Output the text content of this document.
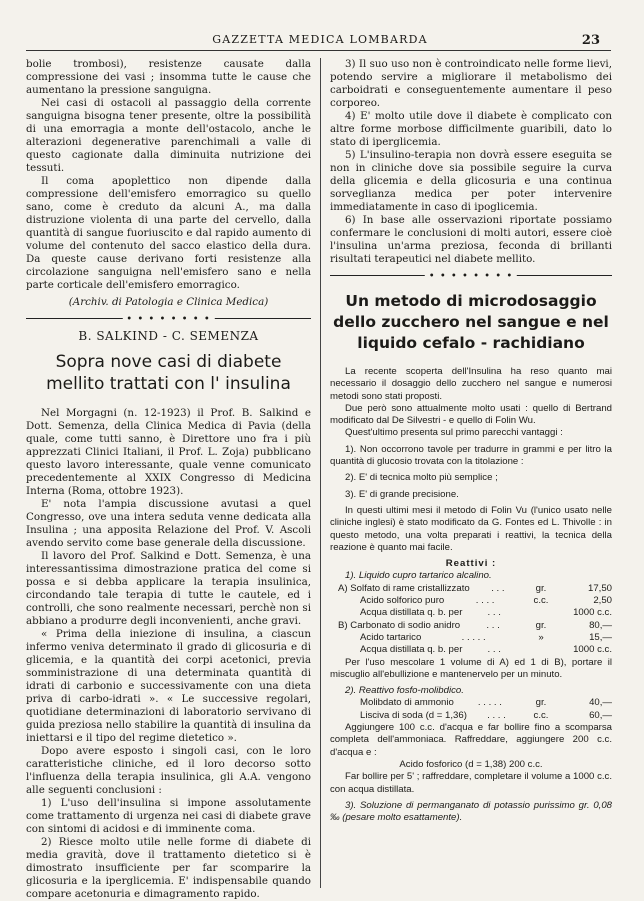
GAZZETTA MEDICA LOMBARDA	23

bolie trombosi), resistenze causate dalla compressione dei vasi ; insomma tutte le cause che aumentano la pressione sanguigna.

Nei casi di ostacoli al passaggio della corrente sanguigna bisogna tener presente, oltre la possibilità di una emorragia a monte dell'ostacolo, anche le alterazioni degenerative parenchimali a valle di questo cagionate dalla diminuita nutrizione dei tessuti.

Il coma apoplettico non dipende dalla compressione dell'emisfero emorragico su quello sano, come è creduto da alcuni A., ma dalla distruzione violenta di una parte del cervello, dalla quantità di sangue fuoriuscito e dal rapido aumento di volume del contenuto del sacco elastico della dura. Da queste cause derivano forti resistenze alla circolazione sanguigna nell'emisfero sano e nella parte corticale dell'emisfero emorragico.

(Archiv. di Patologia e Clinica Medica)

• • • • • • • •
B. SALKIND - C. SEMENZA
Sopra nove casi di diabete mellito trattati con l' insulina

Nel Morgagni (n. 12-1923) il Prof. B. Salkind e Dott. Semenza, della Clinica Medica di Pavia (della quale, come tutti sanno, è Direttore uno fra i più apprezzati Clinici Italiani, il Prof. L. Zoja) pubblicano questo lavoro interessante, quale venne comunicato precedentemente al XXIX Congresso di Medicina Interna (Roma, ottobre 1923).

E' nota l'ampia discussione avutasi a quel Congresso, ove una intera seduta venne dedicata alla Insulina ; una apposita Relazione del Prof. V. Ascoli avendo servito come base generale della discussione.

Il lavoro del Prof. Salkind e Dott. Semenza, è una interessantissima dimostrazione pratica del come si possa e si debba applicare la terapia insulinica, circondando tale terapia di tutte le cautele, ed i controlli, che sono realmente necessari, perchè non si abbiano a produrre degli inconvenienti, anche gravi.

« Prima della iniezione di insulina, a ciascun infermo veniva determinato il grado di glicosuria e di glicemia, e la quantità dei corpi acetonici, previa somministrazione di una determinata quantità di idrati di carbonio e successivamente con una dieta priva di carbo-idrati ». « Le successive regolari, quotidiane determinazioni di laboratorio servivano di guida preziosa nello stabilire la quantità di insulina da iniettarsi e il tipo del regime dietetico ».

Dopo avere esposto i singoli casi, con le loro caratteristiche cliniche, ed il loro decorso sotto l'influenza della terapia insulinica, gli A.A. vengono alle seguenti conclusioni :

1) L'uso dell'insulina si impone assolutamente come trattamento di urgenza nei casi di diabete grave con sintomi di acidosi e di imminente coma.

2) Riesce molto utile nelle forme di diabete di media gravità, dove il trattamento dietetico si è dimostrato insufficiente per far scomparire la glicosuria e la iperglicemia. E' indispensabile quando compare acetonuria e dimagramento rapido.

3) Il suo uso non è controindicato nelle forme lievi, potendo servire a migliorare il metabolismo dei carboidrati e conseguentemente aumentare il peso corporeo.

4) E' molto utile dove il diabete è complicato con altre forme morbose difficilmente guaribili, dato lo stato di iperglicemia.

5) L'insulino-terapia non dovrà essere eseguita se non in cliniche dove sia possibile seguire la curva della glicemia e della glicosuria e una continua sorveglianza medica per poter intervenire immediatamente in caso di ipoglicemia.

6) In base alle osservazioni riportate possiamo confermare le conclusioni di molti autori, essere cioè l'insulina un'arma preziosa, feconda di brillanti risultati terapeutici nel diabete mellito.

• • • • • • • •
Un metodo di microdosaggio dello zucchero nel sangue e nel liquido cefalo - rachidiano

La recente scoperta dell'Insulina ha reso quanto mai necessario il dosaggio dello zucchero nel sangue e numerosi metodi sono stati proposti.

Due però sono attualmente molto usati : quello di Bertrand modificato dal De Silvestri - e quello di Folin Wu.

Quest'ultimo presenta sul primo parecchi vantaggi :

1). Non occorrono tavole per tradurre in grammi e per litro la quantità di glucosio trovata con la titolazione :

2). E' di tecnica molto più semplice ;

3). E' di grande precisione.

In questi ultimi mesi il metodo di Folin Vu (l'unico usato nelle cliniche inglesi) è stato modificato da G. Fontes ed L. Thivolle : in questo metodo, una volta preparati i reattivi, la tecnica della reazione è quanto mai facile.

Reattivi :

1). Liquido cupro tartarico alcalino.

A) Solfato di rame cristallizzato	. . .	gr.	17,50
Acido solforico puro	. . . .	c.c.	2,50
Acqua distillata q. b. per	. . .	1000 c.c.
B) Carbonato di sodio anidro	. . .	gr.	80,—
Acido tartarico	. . . . .	»	15,—
Acqua distillata q. b. per	. . .	1000 c.c.

Per l'uso mescolare 1 volume di A) ed 1 di B), portare il miscuglio all'ebullizione e mantenervelo per un minuto.

2). Reattivo fosfo-molibdico.

Molibdato di ammonio	. . . . .	gr.	40,—
Lisciva di soda (d = 1,36)	. . . .	c.c.	60,—

Aggiungere 100 c.c. d'acqua e far bollire fino a scomparsa completa dell'ammoniaca. Raffreddare, aggiungere 200 c.c. d'acqua e :

Acido fosforico (d = 1,38) 200 c.c.

Far bollire per 5' ; raffreddare, completare il volume a 1000 c.c. con acqua distillata.

3). Soluzione di permanganato di potassio purissimo gr. 0,08 ‰ (pesare molto esattamente).
